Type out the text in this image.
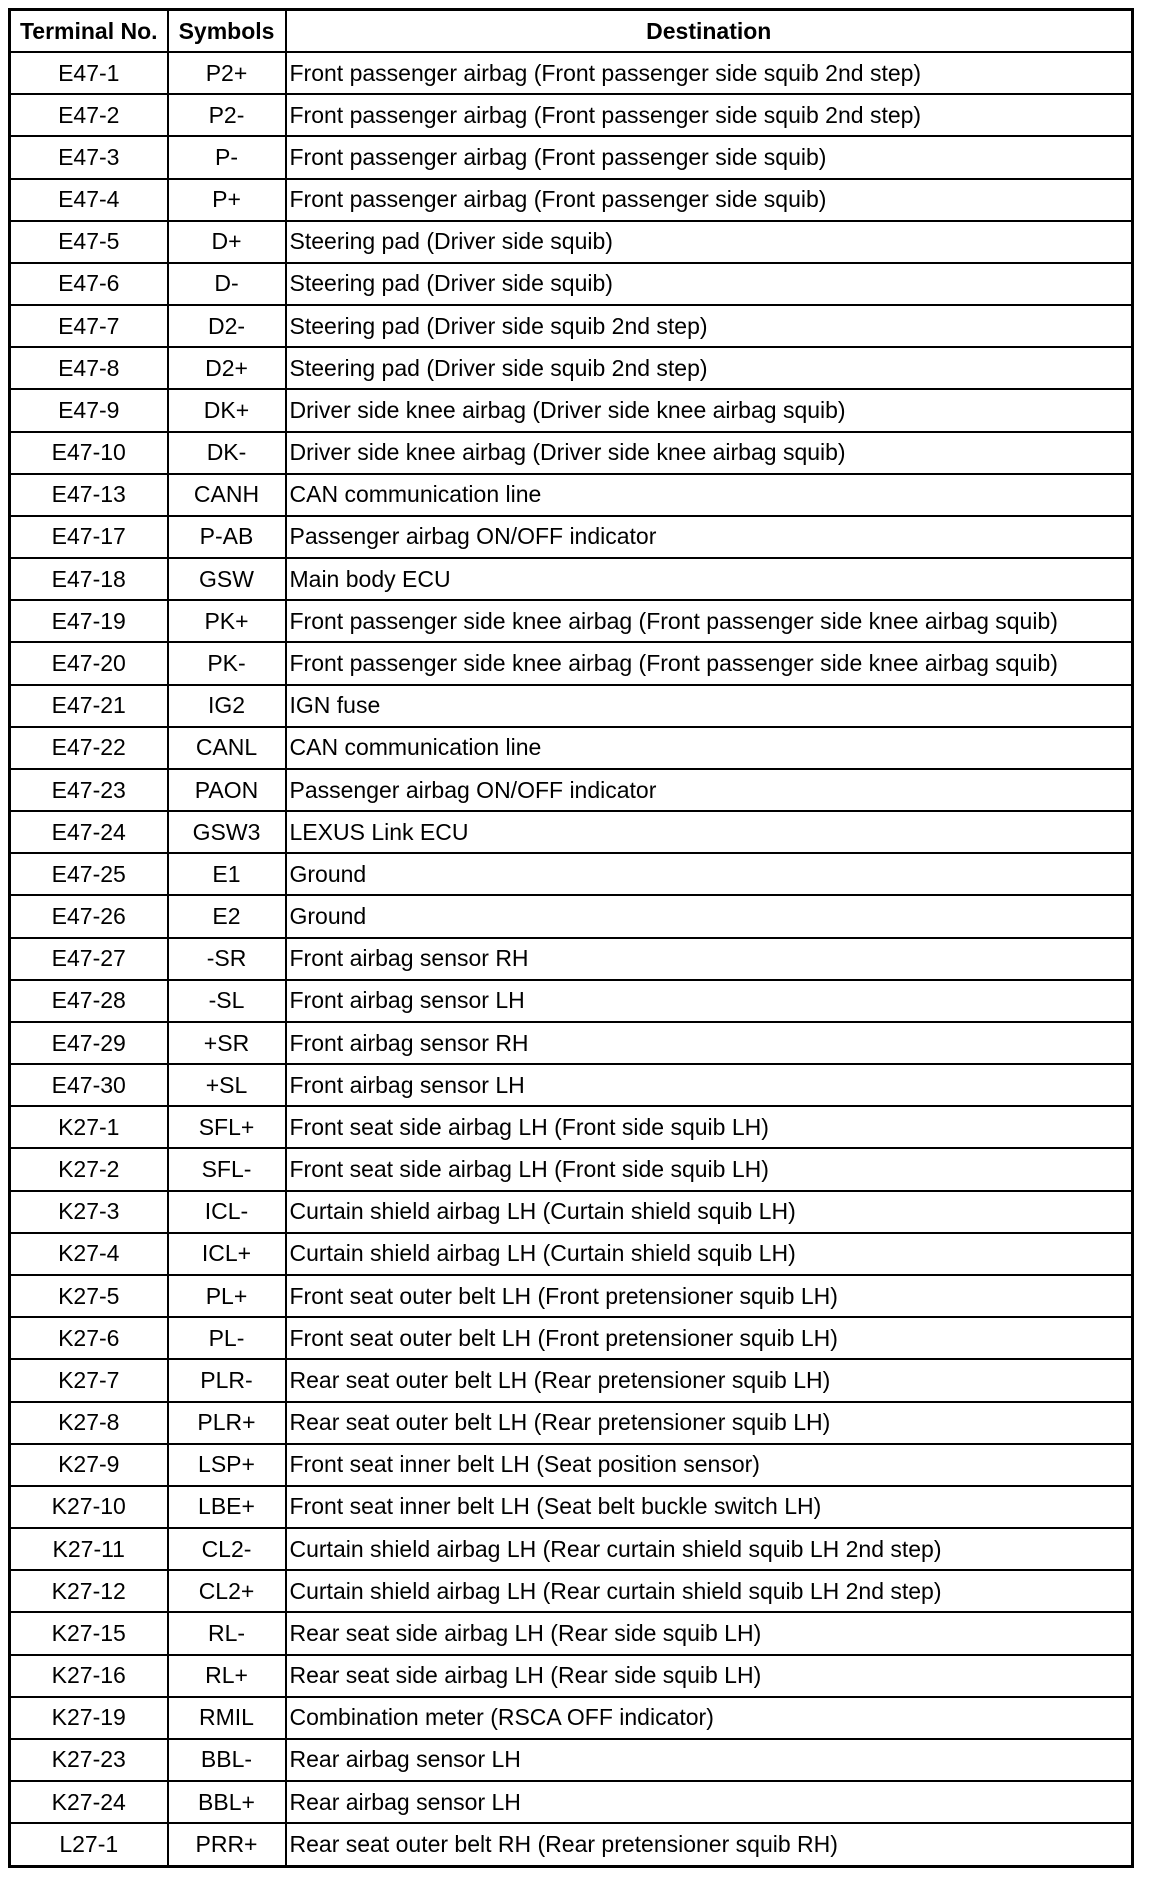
Terminal No.	Symbols	Destination
E47-1	P2+	Front passenger airbag (Front passenger side squib 2nd step)
E47-2	P2-	Front passenger airbag (Front passenger side squib 2nd step)
E47-3	P-	Front passenger airbag (Front passenger side squib)
E47-4	P+	Front passenger airbag (Front passenger side squib)
E47-5	D+	Steering pad (Driver side squib)
E47-6	D-	Steering pad (Driver side squib)
E47-7	D2-	Steering pad (Driver side squib 2nd step)
E47-8	D2+	Steering pad (Driver side squib 2nd step)
E47-9	DK+	Driver side knee airbag (Driver side knee airbag squib)
E47-10	DK-	Driver side knee airbag (Driver side knee airbag squib)
E47-13	CANH	CAN communication line
E47-17	P-AB	Passenger airbag ON/OFF indicator
E47-18	GSW	Main body ECU
E47-19	PK+	Front passenger side knee airbag (Front passenger side knee airbag squib)
E47-20	PK-	Front passenger side knee airbag (Front passenger side knee airbag squib)
E47-21	IG2	IGN fuse
E47-22	CANL	CAN communication line
E47-23	PAON	Passenger airbag ON/OFF indicator
E47-24	GSW3	LEXUS Link ECU
E47-25	E1	Ground
E47-26	E2	Ground
E47-27	-SR	Front airbag sensor RH
E47-28	-SL	Front airbag sensor LH
E47-29	+SR	Front airbag sensor RH
E47-30	+SL	Front airbag sensor LH
K27-1	SFL+	Front seat side airbag LH (Front side squib LH)
K27-2	SFL-	Front seat side airbag LH (Front side squib LH)
K27-3	ICL-	Curtain shield airbag LH (Curtain shield squib LH)
K27-4	ICL+	Curtain shield airbag LH (Curtain shield squib LH)
K27-5	PL+	Front seat outer belt LH (Front pretensioner squib LH)
K27-6	PL-	Front seat outer belt LH (Front pretensioner squib LH)
K27-7	PLR-	Rear seat outer belt LH (Rear pretensioner squib LH)
K27-8	PLR+	Rear seat outer belt LH (Rear pretensioner squib LH)
K27-9	LSP+	Front seat inner belt LH (Seat position sensor)
K27-10	LBE+	Front seat inner belt LH (Seat belt buckle switch LH)
K27-11	CL2-	Curtain shield airbag LH (Rear curtain shield squib LH 2nd step)
K27-12	CL2+	Curtain shield airbag LH (Rear curtain shield squib LH 2nd step)
K27-15	RL-	Rear seat side airbag LH (Rear side squib LH)
K27-16	RL+	Rear seat side airbag LH (Rear side squib LH)
K27-19	RMIL	Combination meter (RSCA OFF indicator)
K27-23	BBL-	Rear airbag sensor LH
K27-24	BBL+	Rear airbag sensor LH
L27-1	PRR+	Rear seat outer belt RH (Rear pretensioner squib RH)
